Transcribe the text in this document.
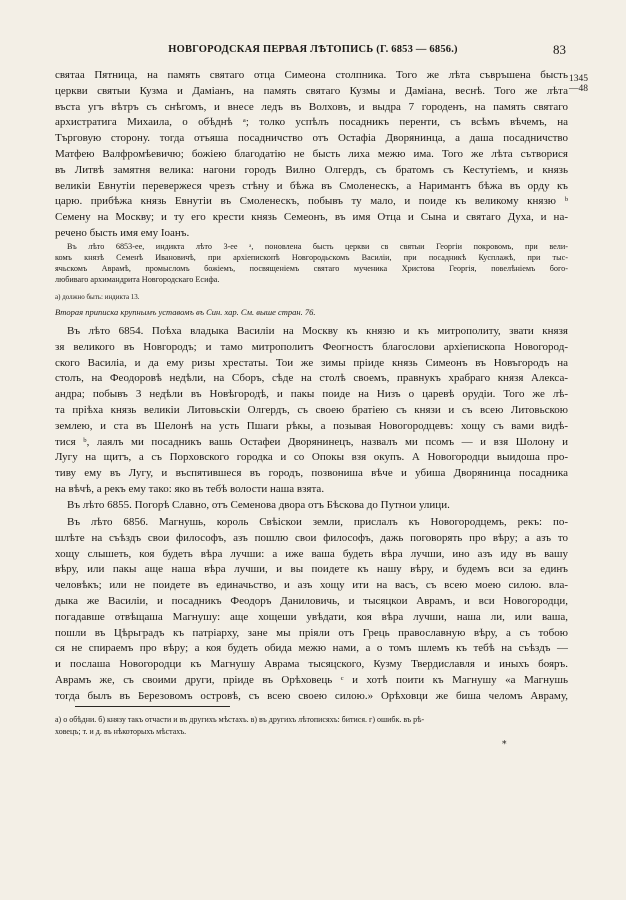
НОВГОРОДСКАЯ ПЕРВАЯ ЛѢТОПИСЬ (Г. 6853 — 6856.)	83
1345
—48
святаа Пятница, на память святаго отца Симеона столпника. Того же лѣта съвръшена бысть
церкви святыи Кузма и Дамiанъ, на память святаго Кузмы и Дамiана, веснѣ. Того же лѣта
въста угъ вѣтръ съ снѣгомъ, и внесе ледъ въ Волховъ, и выдра 7 городенъ, на память святаго
архистратига Михаила, о обѣднѣ ᵃ; толко успѣлъ посадникъ перенти, съ всѣмъ вѣчемъ, на
Търговую сторону. тогда отъяша посадничство отъ Остафiа Дворянинца, а дашa посадничство
Матфею Валфромѣевичю; божiею благодатiю не бысть лиха межю има. Того же лѣта сътворися
въ Литвѣ замятня велика: нагони городъ Вилно Олгердъ, съ братомъ съ Кестутiемъ, и князь
великiи Евнутiи перевержеся чрезъ стѣну и бѣжа въ Смоленескъ, а Наримантъ бѣжа въ орду къ
царю. прибѣжа князь Евнутiи въ Смоленескъ, побывъ ту мало, и поиде къ великому князю ᵇ
Семену на Москву; и ту его крести князь Семеонъ, въ имя Отца и Сына и святаго Духа, и на-
речено бысть имя ему Iоанъ.
Въ лѣто 6853-ее, индикта лѣто 3-ее ᵃ, поновлена бысть церкви св святыи Георгiи покровомъ, при вели-
комъ князѣ Семенѣ Ивановичѣ, при архiепископѣ Новгородьскомъ Василiи, при посадникѣ Кусплажѣ, при тыс-
ячьскомъ Аврамѣ, промысломъ божiемъ, посвященiемъ святаго мученика Христова Георгiя, повелѣнiемъ бого-
любиваго архимандрита Новгородскаго Есифа.
а) должно быть: индикта 13.
Вторая приписка крупнымъ уставомъ въ Син. хар. См. выше стран. 76.
Въ лѣто 6854. Поѣха владыка Василiи на Москву къ князю и къ митрополиту, звати князя
зя великого въ Новгородъ; и тамо митрополитъ Феогностъ благослови архiепископа Новогород-
ского Василiа, и да ему ризы хрестаты. Тои же зимы прiиде князь Симеонъ въ Новъгородъ на
столъ, на Феодоровѣ недѣли, на Сборъ, сѣде на столѣ своемъ, правнукъ храбраго князя Алекса-
андра; побывъ 3 недѣли въ Новѣгородѣ, и пакы поиде на Низъ о царевѣ орудiи. Того же лѣ-
та прiѣха князь великiи Литовьскiи Олгердъ, съ своею братiею съ князи и съ всею Литовьскою
землею, и ста въ Шелонѣ на усть Пшаги рѣкы, а позывая Новогородцевъ: хощу съ вами видѣ-
тися ᵇ, лаялъ ми посадникъ вашь Остафеи Дворянинецъ, назвалъ ми псомъ — и взя Шолону и
Лугу на щитъ, а съ Порховского городка и со Опокы взя окупъ. А Новогородци выидоша про-
тиву ему въ Лугу, и въспятившеся въ городъ, позвониша вѣче и убиша Дворянинца посадника
на вѣчѣ, а рекъ ему тако: яко въ тебѣ волости наша взята.
Въ лѣто 6855. Погорѣ Славно, отъ Семенова двора отъ Бѣскова до Путнои улици.
Въ лѣто 6856. Магнушь, король Свѣiскои земли, прислалъ къ Новогородцемъ, рекъ: по-
шлѣте на съѣздъ свои философъ, азъ пошлю свои философъ, дажь поговорять про вѣру; а азъ то
хощу слышеть, коя будеть вѣра лучши: а иже ваша будеть вѣра лучши, ино азъ иду въ вашу
вѣру, или пакы аще наша вѣра лучши, и вы поидете къ нашу вѣру, и будемъ вси за единъ
человѣкъ; или не поидете въ единачьство, и азъ хощу ити на васъ, съ всею моею силою. вла-
дыка же Василiи, и посадникъ Феодоръ Даниловичь, и тысяцкои Аврамъ, и вси Новогородци,
погадавше отвѣщаша Магнушу: аще хощеши увѣдати, коя вѣра лучши, наша ли, или ваша,
пошли въ Цѣрьградъ къ патрiарху, зане мы прiяли отъ Грець православную вѣру, а съ тобою
ся не спираемъ про вѣру; а коя будеть обида межю нами, а о томъ шлемъ къ тебѣ на съѣздъ —
и послаша Новогородци къ Магнушу Аврама тысяцского, Кузму Твердиславля и иныхъ бояръ.
Аврамъ же, съ своими други, прiиде въ Орѣховець ᶜ и хотѣ поити къ Магнушу «а Магнушь
тогда былъ въ Березовомъ островѣ, съ всею своею силою.» Орѣховци же биша челомъ Авраму,
а) о обѣдни. б) князу такъ отчасти и въ другихъ мѣстахъ. в) въ другихъ лѣтописяхъ: битися. г) ошибк. въ рѣ-
ховецъ; т. и д. въ нѣкоторыхъ мѣстахъ.
*
